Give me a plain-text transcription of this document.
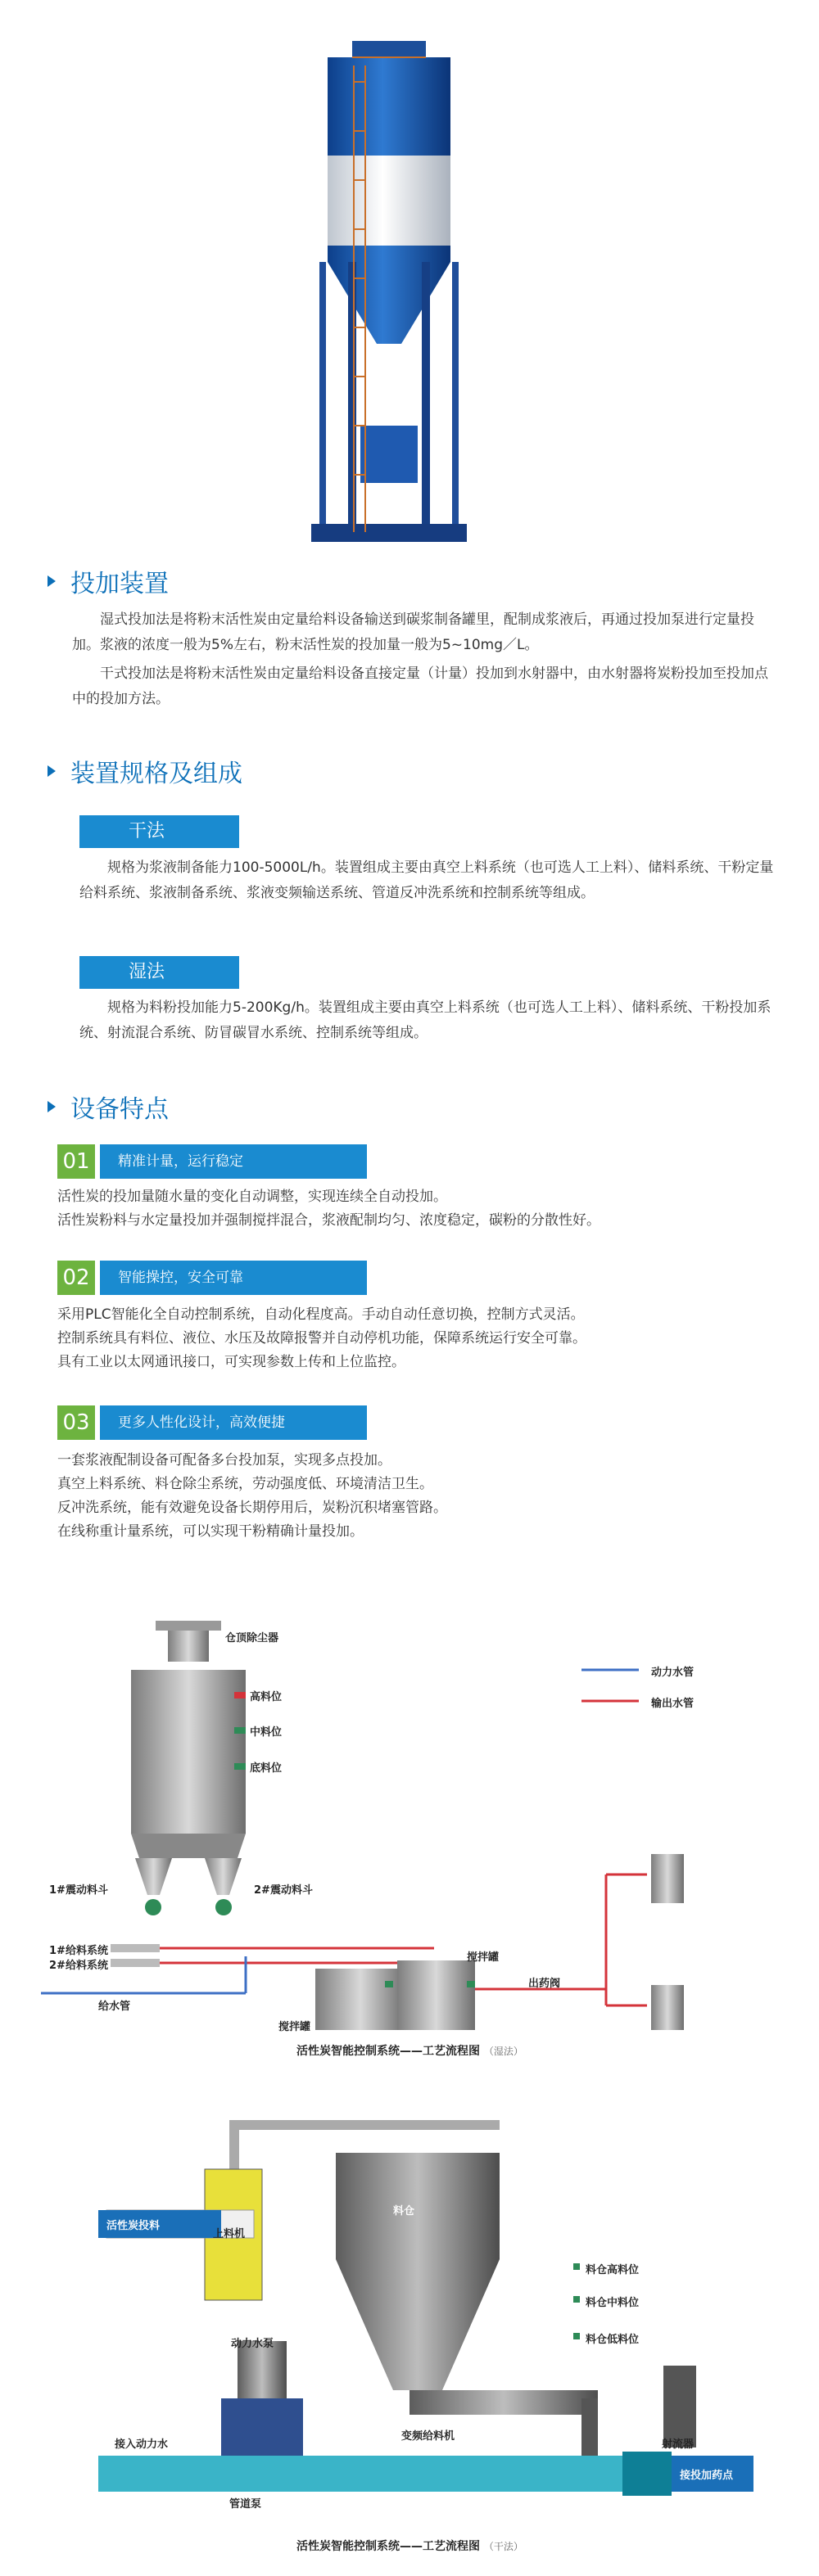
投加装置

湿式投加法是将粉末活性炭由定量给料设备输送到碳浆制备罐里，配制成浆液后，再通过投加泵进行定量投加。浆液的浓度一般为5%左右，粉末活性炭的投加量一般为5~10mg／L。

干式投加法是将粉末活性炭由定量给料设备直接定量（计量）投加到水射器中，由水射器将炭粉投加至投加点中的投加方法。

装置规格及组成
干法

规格为浆液制备能力100-5000L/h。装置组成主要由真空上料系统（也可选人工上料）、储料系统、干粉定量给料系统、浆液制备系统、浆液变频输送系统、管道反冲洗系统和控制系统等组成。

湿法

规格为料粉投加能力5-200Kg/h。装置组成主要由真空上料系统（也可选人工上料）、储料系统、干粉投加系统、射流混合系统、防冒碳冒水系统、控制系统等组成。

设备特点
01	精准计量，运行稳定
活性炭的投加量随水量的变化自动调整，实现连续全自动投加。
活性炭粉料与水定量投加并强制搅拌混合，浆液配制均匀、浓度稳定，碳粉的分散性好。
02	智能操控，安全可靠
采用PLC智能化全自动控制系统，自动化程度高。手动自动任意切换，控制方式灵活。
控制系统具有料位、液位、水压及故障报警并自动停机功能，保障系统运行安全可靠。
具有工业以太网通讯接口，可实现参数上传和上位监控。
03	更多人性化设计，高效便捷
一套浆液配制设备可配备多台投加泵，实现多点投加。
真空上料系统、料仓除尘系统，劳动强度低、环境清洁卫生。
反冲洗系统，能有效避免设备长期停用后，炭粉沉积堵塞管路。
在线称重计量系统，可以实现干粉精确计量投加。
仓顶除尘器
高料位
中料位
底料位
1#震动料斗	2#震动料斗
1#给料系统
2#给料系统
给水管
出药阀
动力水管
输出水管
搅拌罐
搅拌罐
活性炭智能控制系统——工艺流程图 （湿法）
活性炭投料
上料机
料仓
料仓高料位
料仓中料位
料仓低料位
变频给料机
动力水泵
接入动力水
管道泵
射流器
接投加药点
活性炭智能控制系统——工艺流程图 （干法）
